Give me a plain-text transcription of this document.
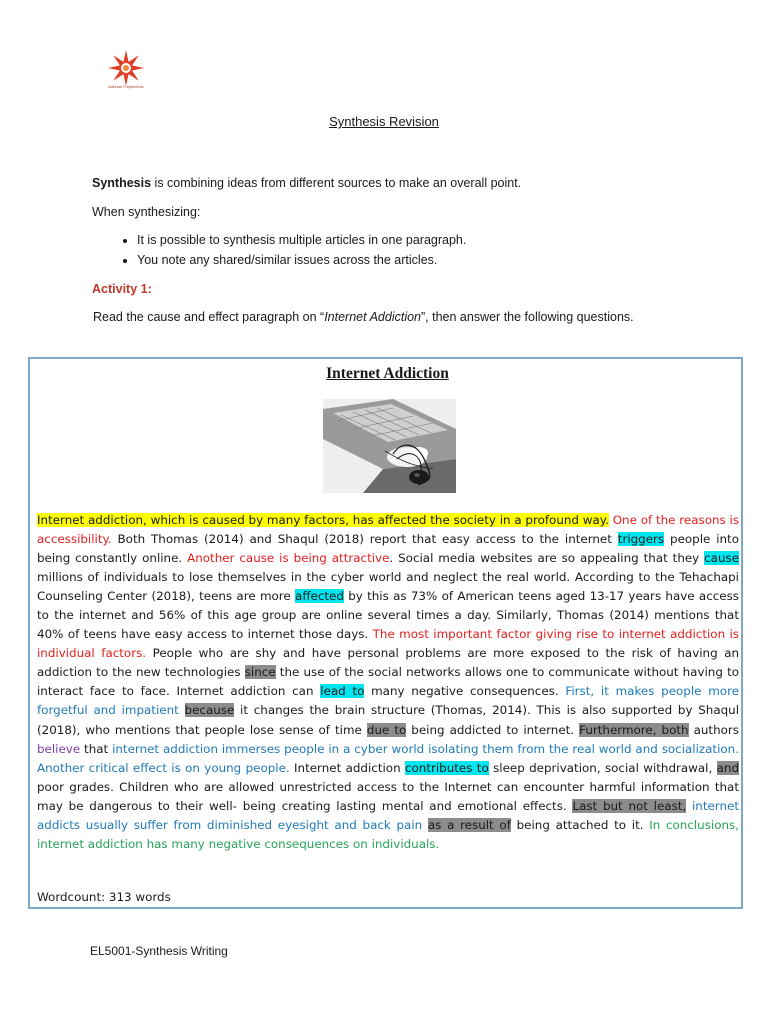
Bahrain Polytechnic
Synthesis Revision
Synthesis is combining ideas from different sources to make an overall point.
When synthesizing:
• It is possible to synthesis multiple articles in one paragraph.
• You note any shared/similar issues across the articles.
Activity 1:
Read the cause and effect paragraph on “Internet Addiction”, then answer the following questions.
Internet Addiction
Internet addiction, which is caused by many factors, has affected the society in a profound way. One of the reasons is accessibility. Both Thomas (2014) and Shaqul (2018) report that easy access to the internet triggers people into being constantly online. Another cause is being attractive. Social media websites are so appealing that they cause millions of individuals to lose themselves in the cyber world and neglect the real world. According to the Tehachapi Counseling Center (2018), teens are more affected by this as 73% of American teens aged 13-17 years have access to the internet and 56% of this age group are online several times a day. Similarly, Thomas (2014) mentions that 40% of teens have easy access to internet those days. The most important factor giving rise to internet addiction is individual factors. People who are shy and have personal problems are more exposed to the risk of having an addiction to the new technologies since the use of the social networks allows one to communicate without having to interact face to face. Internet addiction can lead to many negative consequences. First, it makes people more forgetful and impatient because it changes the brain structure (Thomas, 2014). This is also supported by Shaqul (2018), who mentions that people lose sense of time due to being addicted to internet. Furthermore, both authors believe that internet addiction immerses people in a cyber world isolating them from the real world and socialization. Another critical effect is on young people. Internet addiction contributes to sleep deprivation, social withdrawal, and poor grades. Children who are allowed unrestricted access to the Internet can encounter harmful information that may be dangerous to their well- being creating lasting mental and emotional effects. Last but not least, internet addicts usually suffer from diminished eyesight and back pain as a result of being attached to it. In conclusions, internet addiction has many negative consequences on individuals.
Wordcount: 313 words
EL5001-Synthesis Writing
